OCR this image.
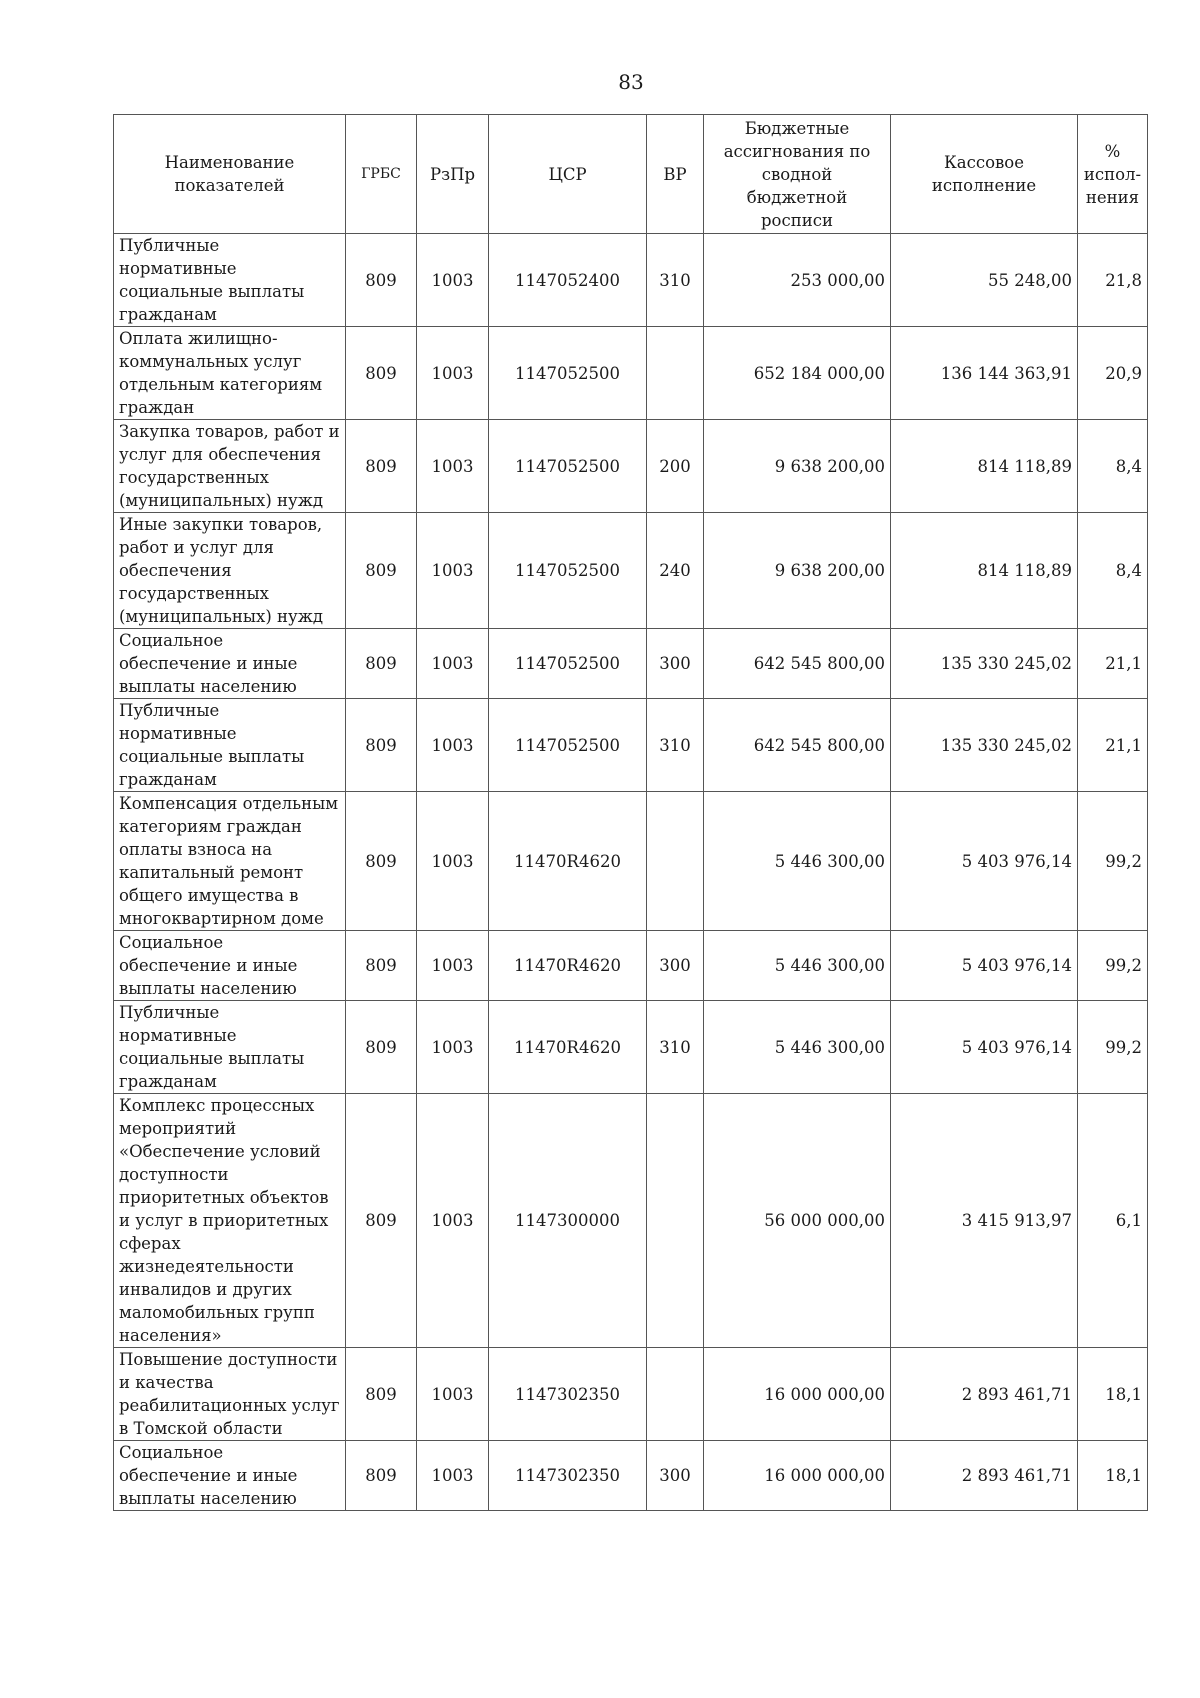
83
Наименование показателей	ГРБС	РзПр	ЦСР	ВР	Бюджетные ассигнования по сводной бюджетной росписи	Кассовое исполнение	% испол-нения
Публичные нормативные социальные выплаты гражданам	809	1003	1147052400	310	253 000,00	55 248,00	21,8
Оплата жилищно-коммунальных услуг отдельным категориям граждан	809	1003	1147052500		652 184 000,00	136 144 363,91	20,9
Закупка товаров, работ и услуг для обеспечения государственных (муниципальных) нужд	809	1003	1147052500	200	9 638 200,00	814 118,89	8,4
Иные закупки товаров, работ и услуг для обеспечения государственных (муниципальных) нужд	809	1003	1147052500	240	9 638 200,00	814 118,89	8,4
Социальное обеспечение и иные выплаты населению	809	1003	1147052500	300	642 545 800,00	135 330 245,02	21,1
Публичные нормативные социальные выплаты гражданам	809	1003	1147052500	310	642 545 800,00	135 330 245,02	21,1
Компенсация отдельным категориям граждан оплаты взноса на капитальный ремонт общего имущества в многоквартирном доме	809	1003	11470R4620		5 446 300,00	5 403 976,14	99,2
Социальное обеспечение и иные выплаты населению	809	1003	11470R4620	300	5 446 300,00	5 403 976,14	99,2
Публичные нормативные социальные выплаты гражданам	809	1003	11470R4620	310	5 446 300,00	5 403 976,14	99,2
Комплекс процессных мероприятий «Обеспечение условий доступности приоритетных объектов и услуг в приоритетных сферах жизнедеятельности инвалидов и других маломобильных групп населения»	809	1003	1147300000		56 000 000,00	3 415 913,97	6,1
Повышение доступности и качества реабилитационных услуг в Томской области	809	1003	1147302350		16 000 000,00	2 893 461,71	18,1
Социальное обеспечение и иные выплаты населению	809	1003	1147302350	300	16 000 000,00	2 893 461,71	18,1
